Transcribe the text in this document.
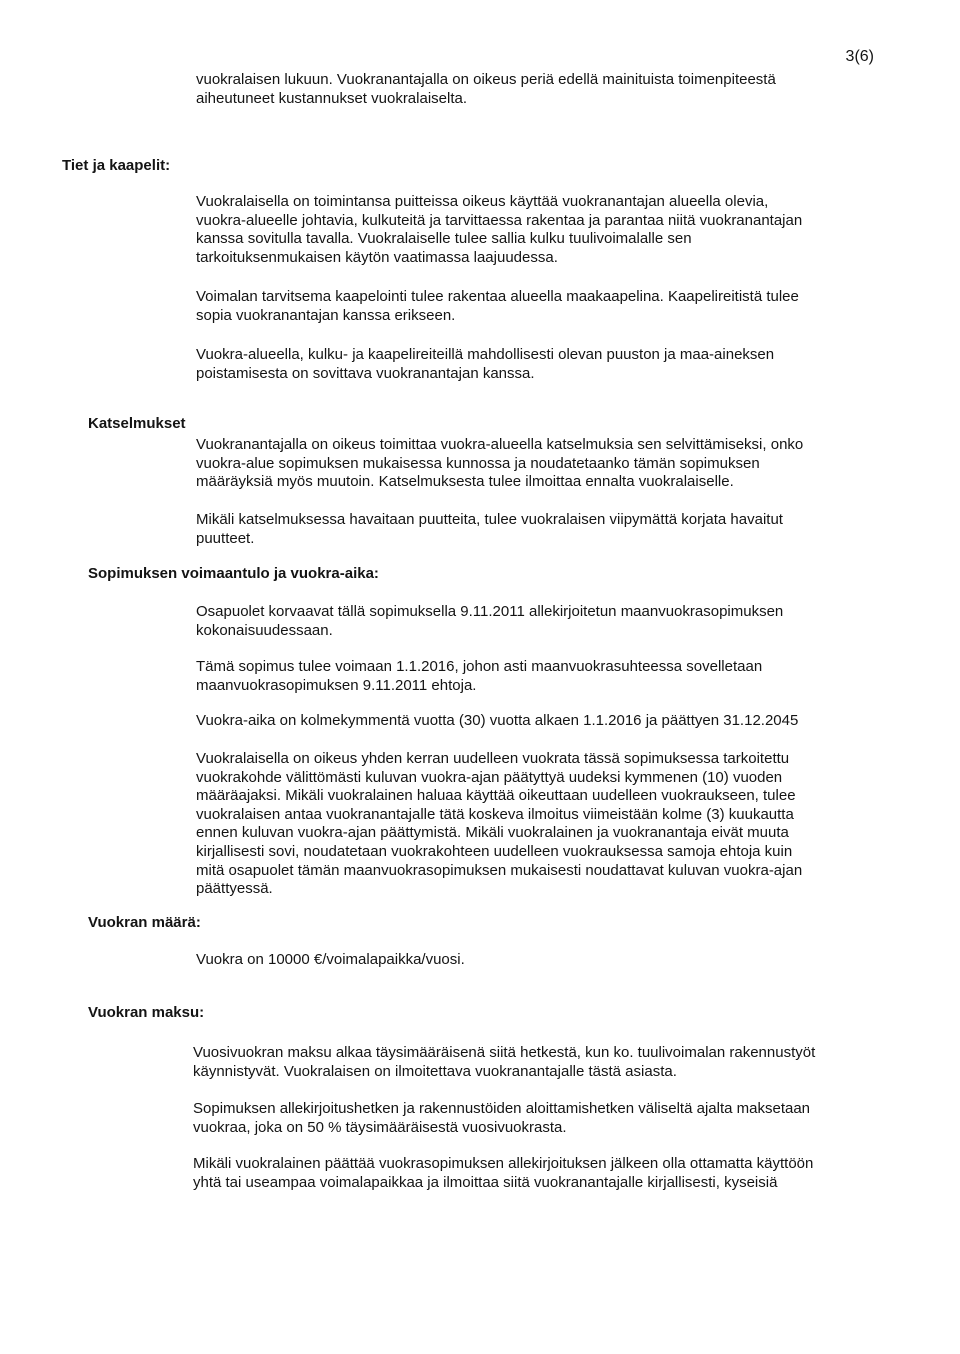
3(6)

vuokralaisen lukuun. Vuokranantajalla on oikeus periä edellä mainituista toimenpiteestä
aiheutuneet kustannukset vuokralaiselta.

Tiet ja kaapelit:

Vuokralaisella on toimintansa puitteissa oikeus käyttää vuokranantajan alueella olevia,
vuokra-alueelle johtavia, kulkuteitä ja tarvittaessa rakentaa ja parantaa niitä vuokranantajan
kanssa sovitulla tavalla. Vuokralaiselle tulee sallia kulku tuulivoimalalle sen
tarkoituksenmukaisen käytön vaatimassa laajuudessa.

Voimalan tarvitsema kaapelointi tulee rakentaa alueella maakaapelina. Kaapelireitistä tulee
sopia vuokranantajan kanssa erikseen.

Vuokra-alueella, kulku- ja kaapelireiteillä mahdollisesti olevan puuston ja maa-aineksen
poistamisesta on sovittava vuokranantajan kanssa.

Katselmukset

Vuokranantajalla on oikeus toimittaa vuokra-alueella katselmuksia sen selvittämiseksi, onko
vuokra-alue sopimuksen mukaisessa kunnossa ja noudatetaanko tämän sopimuksen
määräyksiä myös muutoin. Katselmuksesta tulee ilmoittaa ennalta vuokralaiselle.

Mikäli katselmuksessa havaitaan puutteita, tulee vuokralaisen viipymättä korjata havaitut
puutteet.

Sopimuksen voimaantulo ja vuokra-aika:

Osapuolet korvaavat tällä sopimuksella 9.11.2011 allekirjoitetun maanvuokrasopimuksen
kokonaisuudessaan.

Tämä sopimus tulee voimaan 1.1.2016, johon asti maanvuokrasuhteessa sovelletaan
maanvuokrasopimuksen 9.11.2011 ehtoja.

Vuokra-aika on kolmekymmentä vuotta (30) vuotta alkaen 1.1.2016 ja päättyen 31.12.2045

Vuokralaisella on oikeus yhden kerran uudelleen vuokrata tässä sopimuksessa tarkoitettu
vuokrakohde välittömästi kuluvan vuokra-ajan päätyttyä uudeksi kymmenen (10) vuoden
määräajaksi. Mikäli vuokralainen haluaa käyttää oikeuttaan uudelleen vuokraukseen, tulee
vuokralaisen antaa vuokranantajalle tätä koskeva ilmoitus viimeistään kolme (3) kuukautta
ennen kuluvan vuokra-ajan päättymistä. Mikäli vuokralainen ja vuokranantaja eivät muuta
kirjallisesti sovi, noudatetaan vuokrakohteen uudelleen vuokrauksessa samoja ehtoja kuin
mitä osapuolet tämän maanvuokrasopimuksen mukaisesti noudattavat kuluvan vuokra-ajan
päättyessä.

Vuokran määrä:

Vuokra on 10000 €/voimalapaikka/vuosi.

Vuokran maksu:

Vuosivuokran maksu alkaa täysimääräisenä siitä hetkestä, kun ko. tuulivoimalan rakennustyöt
käynnistyvät. Vuokralaisen on ilmoitettava vuokranantajalle tästä asiasta.

Sopimuksen allekirjoitushetken ja rakennustöiden aloittamishetken väliseltä ajalta maksetaan
vuokraa, joka on 50 % täysimääräisestä vuosivuokrasta.

Mikäli vuokralainen päättää vuokrasopimuksen allekirjoituksen jälkeen olla ottamatta käyttöön
yhtä tai useampaa voimalapaikkaa ja ilmoittaa siitä vuokranantajalle kirjallisesti, kyseisiä
